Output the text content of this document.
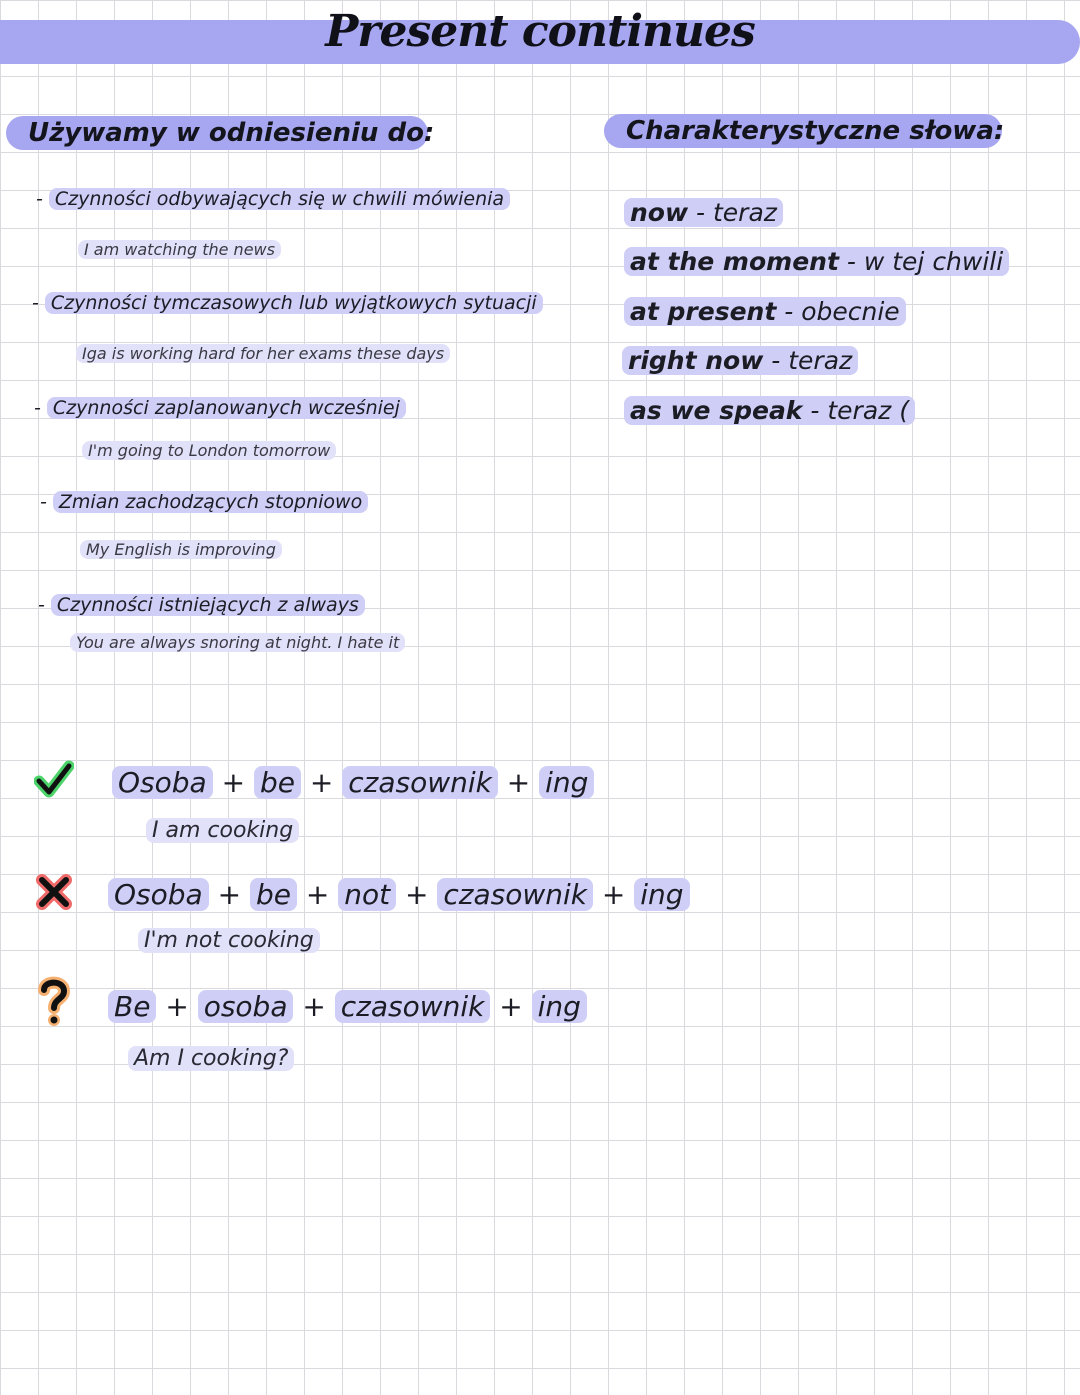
Present continues
Używamy w odniesieniu do:	Charakterystyczne słowa:
- Czynności odbywających się w chwili mówienia
I am watching the news
- Czynności tymczasowych lub wyjątkowych sytuacji
Iga is working hard for her exams these days
- Czynności zaplanowanych wcześniej
I'm going to London tomorrow
- Zmian zachodzących stopniowo
My English is improving
- Czynności istniejących z always
You are always snoring at night. I hate it
now - teraz
at the moment - w tej chwili
at present - obecnie
right now - teraz
as we speak - teraz (
Osoba + be + czasownik + ing
I am cooking
Osoba + be + not + czasownik + ing
I'm not cooking
Be + osoba + czasownik + ing
Am I cooking?
